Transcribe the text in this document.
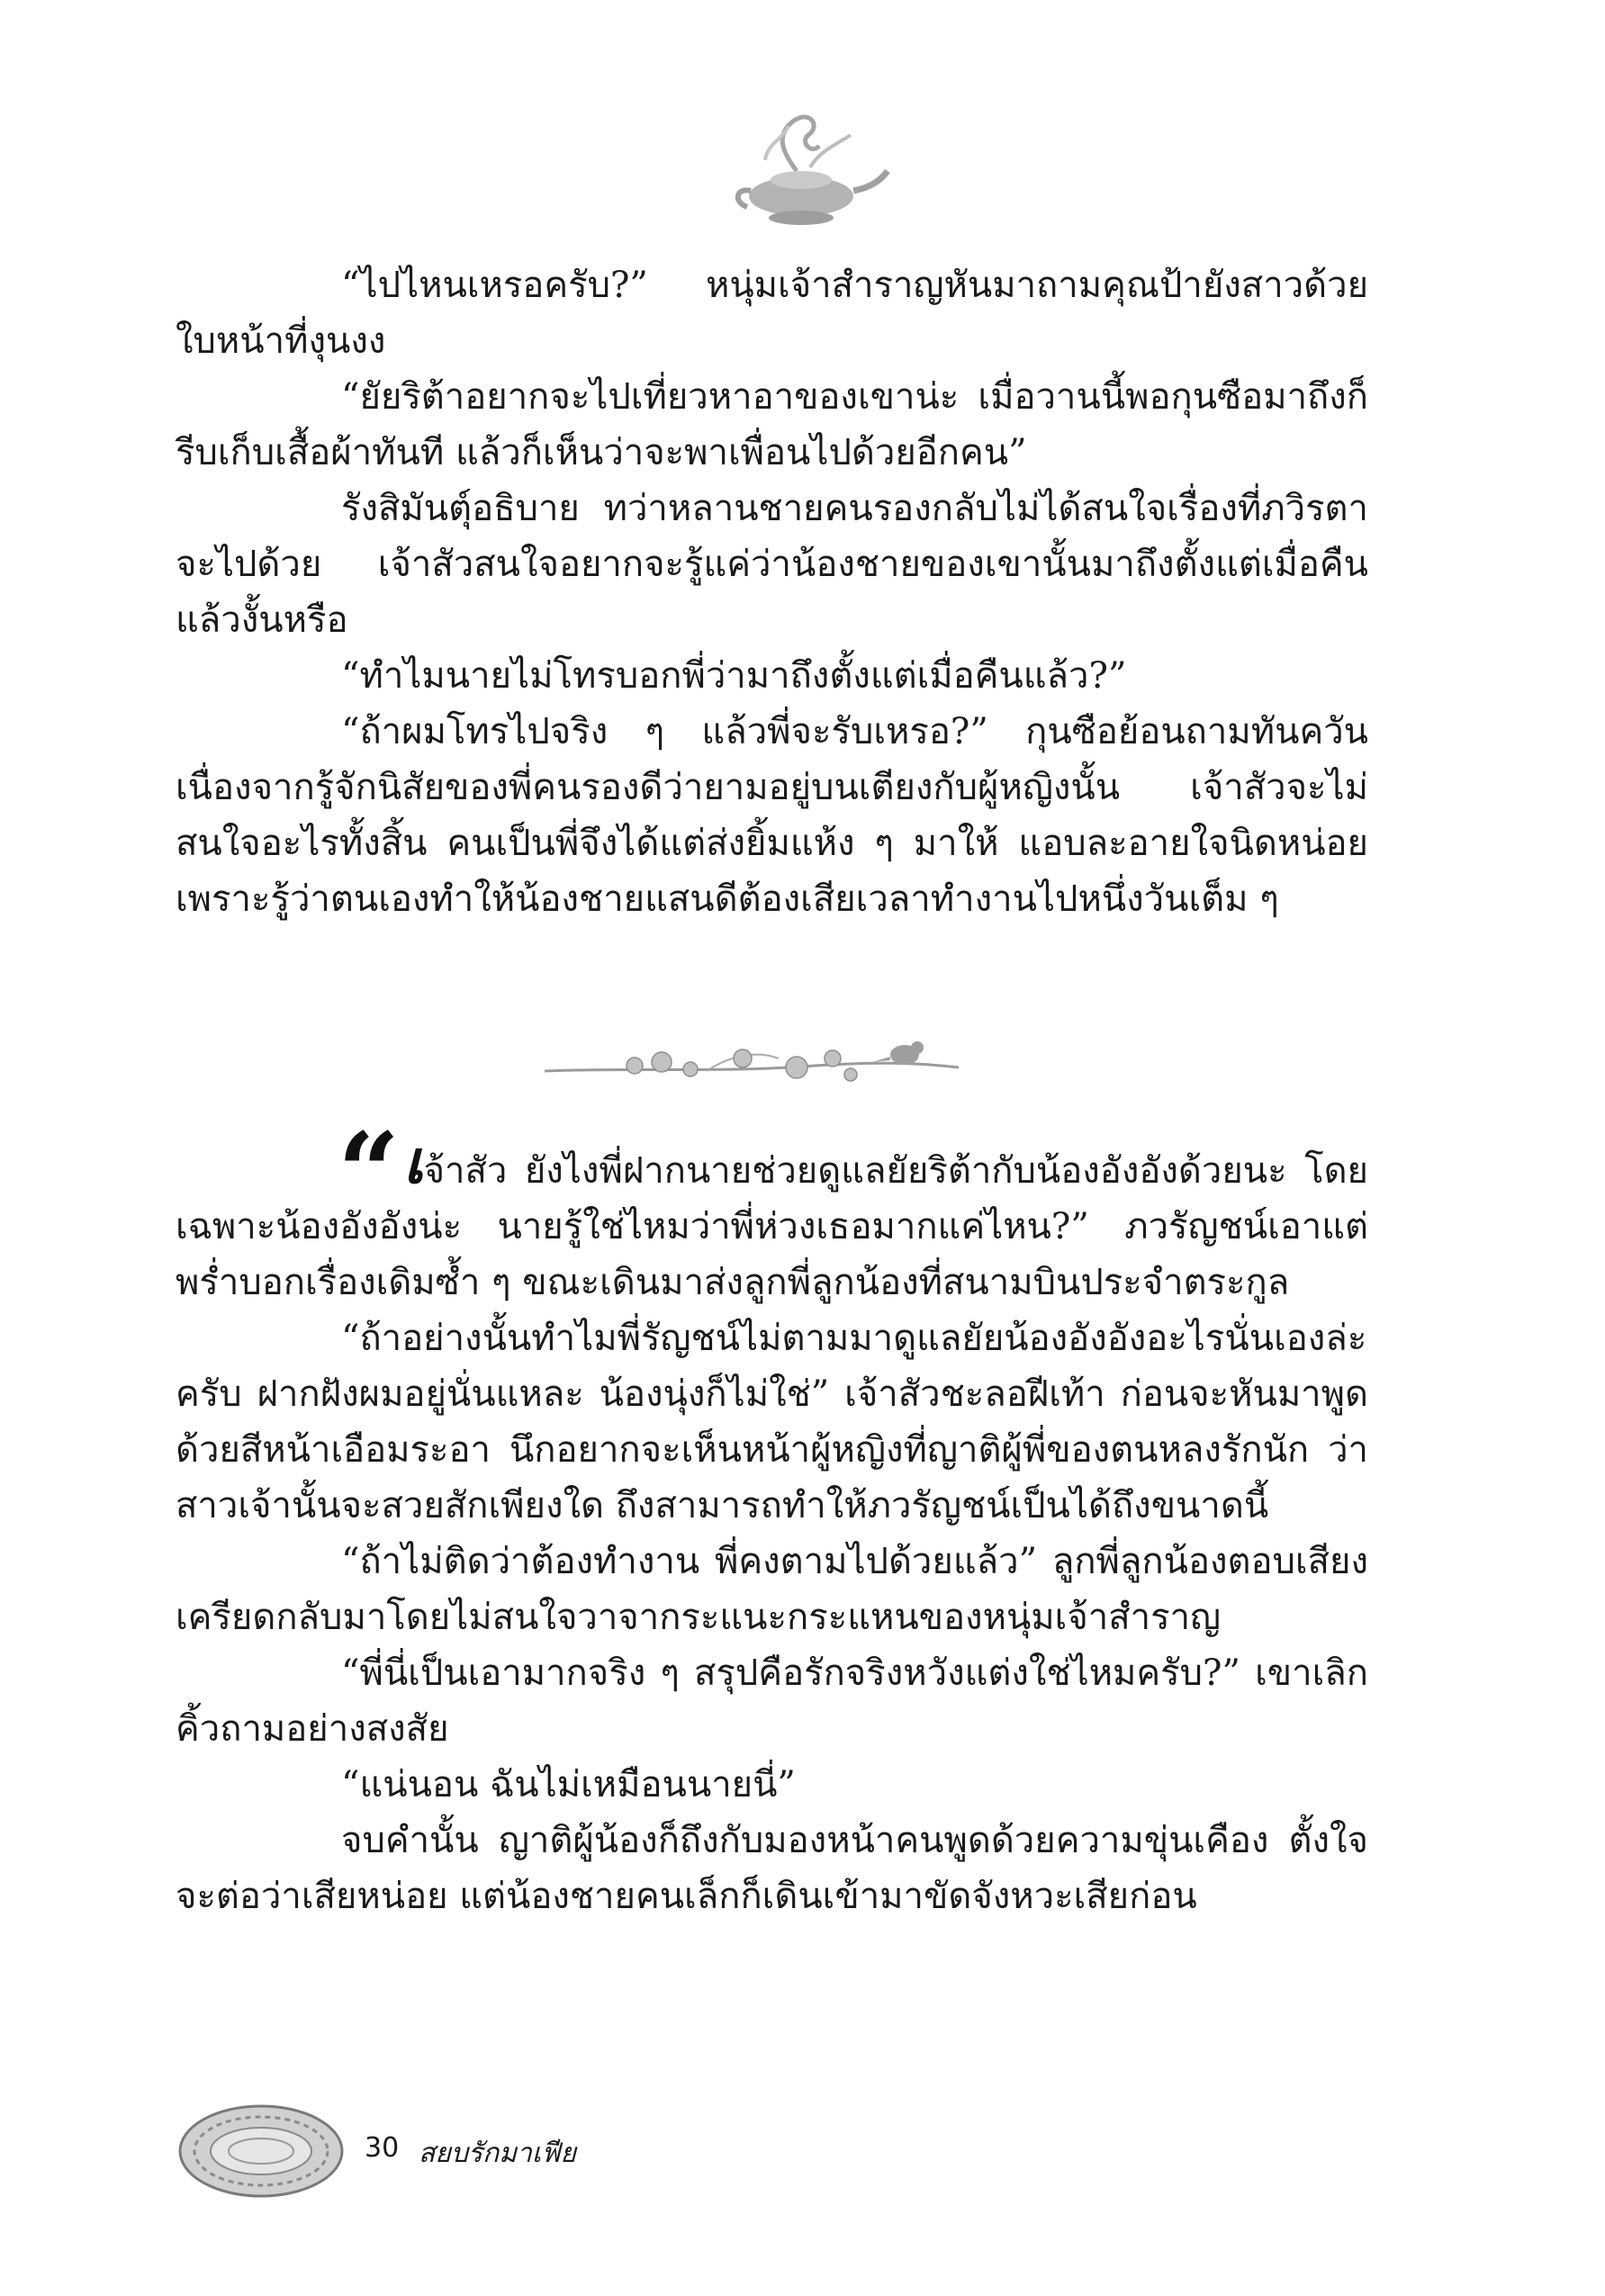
“ไปไหนเหรอครับ?” หนุ่มเจ้าสำราญหันมาถามคุณป้ายังสาวด้วยใบหน้าที่งุนงง

“ยัยริต้าอยากจะไปเที่ยวหาอาของเขาน่ะ เมื่อวานนี้พอกุนซือมาถึงก็รีบเก็บเสื้อผ้าทันที แล้วก็เห็นว่าจะพาเพื่อนไปด้วยอีกคน”

รังสิมันตุ์อธิบาย ทว่าหลานชายคนรองกลับไม่ได้สนใจเรื่องที่ภวิรตาจะไปด้วย เจ้าสัวสนใจอยากจะรู้แค่ว่าน้องชายของเขานั้นมาถึงตั้งแต่เมื่อคืนแล้วงั้นหรือ

“ทำไมนายไม่โทรบอกพี่ว่ามาถึงตั้งแต่เมื่อคืนแล้ว?”

“ถ้าผมโทรไปจริง ๆ แล้วพี่จะรับเหรอ?” กุนซือย้อนถามทันควัน เนื่องจากรู้จักนิสัยของพี่คนรองดีว่ายามอยู่บนเตียงกับผู้หญิงนั้น เจ้าสัวจะไม่สนใจอะไรทั้งสิ้น คนเป็นพี่จึงได้แต่ส่งยิ้มแห้ง ๆ มาให้ แอบละอายใจนิดหน่อย เพราะรู้ว่าตนเองทำให้น้องชายแสนดีต้องเสียเวลาทำงานไปหนึ่งวันเต็ม ๆ

“เจ้าสัว ยังไงพี่ฝากนายช่วยดูแลยัยริต้ากับน้องอังอังด้วยนะ โดยเฉพาะน้องอังอังน่ะ นายรู้ใช่ไหมว่าพี่ห่วงเธอมากแค่ไหน?” ภวรัญชน์เอาแต่พร่ำบอกเรื่องเดิมซ้ำ ๆ ขณะเดินมาส่งลูกพี่ลูกน้องที่สนามบินประจำตระกูล

“ถ้าอย่างนั้นทำไมพี่รัญชน์ไม่ตามมาดูแลยัยน้องอังอังอะไรนั่นเองล่ะครับ ฝากฝังผมอยู่นั่นแหละ น้องนุ่งก็ไม่ใช่” เจ้าสัวชะลอฝีเท้า ก่อนจะหันมาพูดด้วยสีหน้าเอือมระอา นึกอยากจะเห็นหน้าผู้หญิงที่ญาติผู้พี่ของตนหลงรักนัก ว่าสาวเจ้านั้นจะสวยสักเพียงใด ถึงสามารถทำให้ภวรัญชน์เป็นได้ถึงขนาดนี้

“ถ้าไม่ติดว่าต้องทำงาน พี่คงตามไปด้วยแล้ว” ลูกพี่ลูกน้องตอบเสียงเครียดกลับมาโดยไม่สนใจวาจากระแนะกระแหนของหนุ่มเจ้าสำราญ

“พี่นี่เป็นเอามากจริง ๆ สรุปคือรักจริงหวังแต่งใช่ไหมครับ?” เขาเลิกคิ้วถามอย่างสงสัย

“แน่นอน ฉันไม่เหมือนนายนี่”

จบคำนั้น ญาติผู้น้องก็ถึงกับมองหน้าคนพูดด้วยความขุ่นเคือง ตั้งใจจะต่อว่าเสียหน่อย แต่น้องชายคนเล็กก็เดินเข้ามาขัดจังหวะเสียก่อน

30 สยบรักมาเฟีย
